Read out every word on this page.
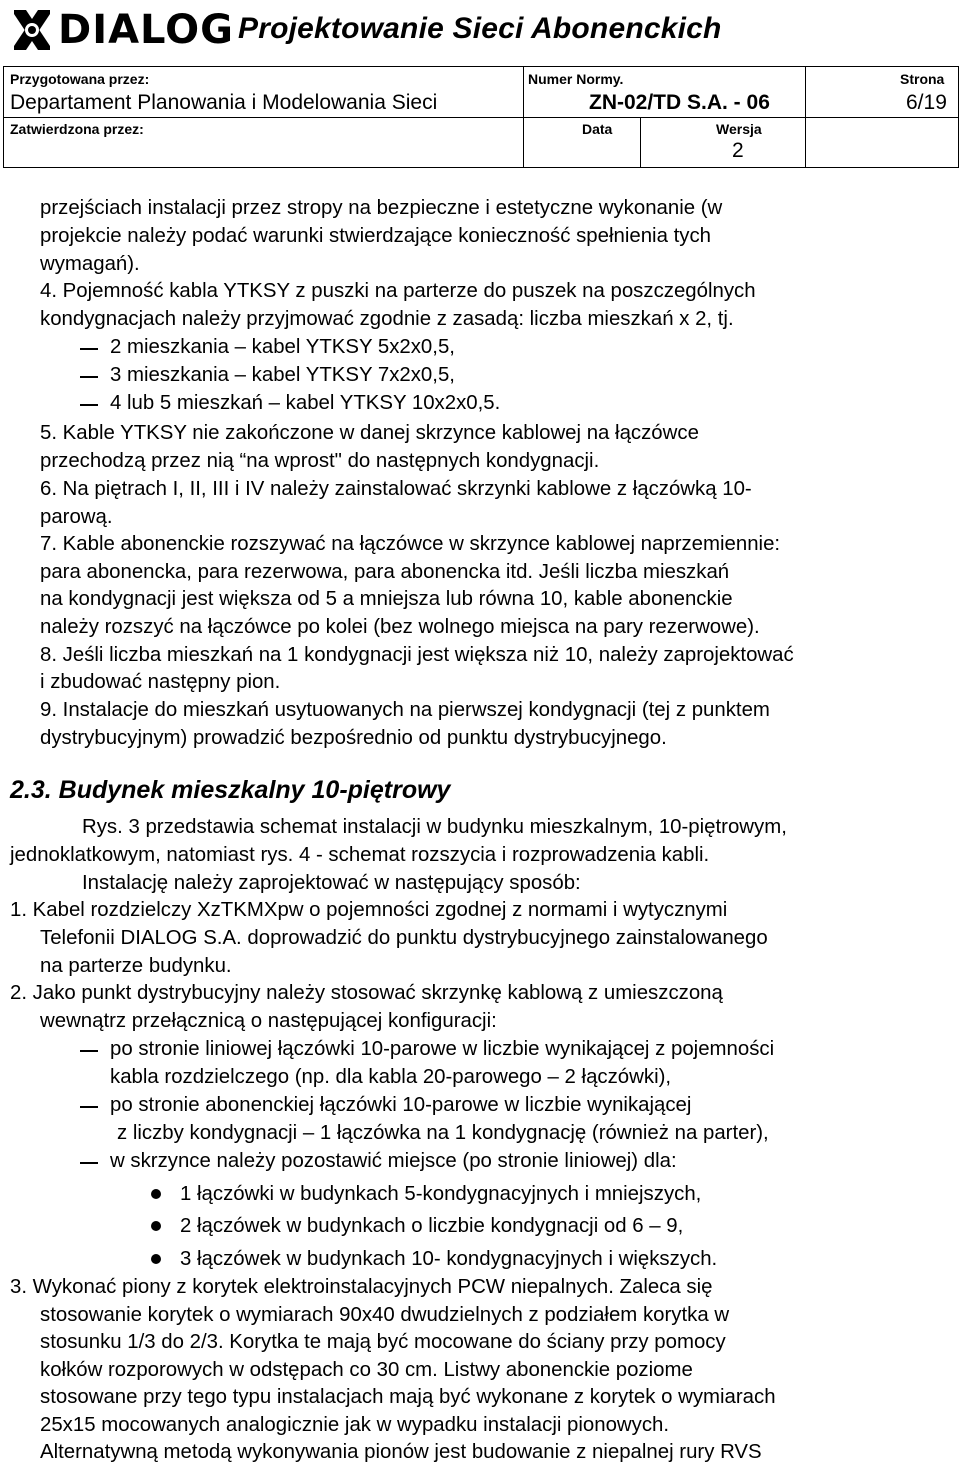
DIALOG Projektowanie Sieci Abonenckich
Przygotowana przez:
Departament Planowania i Modelowania Sieci
Numer Normy.
ZN-02/TD S.A. - 06
Strona
6/19
Zatwierdzona przez:	Data	Wersja
2
przejściach instalacji przez stropy na bezpieczne i estetyczne wykonanie (w
projekcie należy podać warunki stwierdzające konieczność spełnienia tych
wymagań).
4. Pojemność kabla YTKSY z puszki na parterze do puszek na poszczególnych
kondygnacjach należy przyjmować zgodnie z zasadą: liczba mieszkań x 2, tj.
2 mieszkania – kabel YTKSY 5x2x0,5,
3 mieszkania – kabel YTKSY 7x2x0,5,
4 lub 5 mieszkań – kabel YTKSY 10x2x0,5.
5. Kable YTKSY nie zakończone w danej skrzynce kablowej na łączówce
przechodzą przez nią “na wprost" do następnych kondygnacji.
6. Na piętrach I, II, III i IV należy zainstalować skrzynki kablowe z łączówką 10-
parową.
7. Kable abonenckie rozszywać na łączówce w skrzynce kablowej naprzemiennie:
para abonencka, para rezerwowa, para abonencka itd. Jeśli liczba mieszkań
na kondygnacji jest większa od 5 a mniejsza lub równa 10, kable abonenckie
należy rozszyć na łączówce po kolei (bez wolnego miejsca na pary rezerwowe).
8. Jeśli liczba mieszkań na 1 kondygnacji jest większa niż 10, należy zaprojektować
i zbudować następny pion.
9. Instalacje do mieszkań usytuowanych na pierwszej kondygnacji (tej z punktem
dystrybucyjnym) prowadzić bezpośrednio od punktu dystrybucyjnego.
2.3. Budynek mieszkalny 10-piętrowy
Rys. 3 przedstawia schemat instalacji w budynku mieszkalnym, 10-piętrowym,
jednoklatkowym, natomiast rys. 4 - schemat rozszycia i rozprowadzenia kabli.
Instalację należy zaprojektować w następujący sposób:
1. Kabel rozdzielczy XzTKMXpw o pojemności zgodnej z normami i wytycznymi
Telefonii DIALOG S.A. doprowadzić do punktu dystrybucyjnego zainstalowanego
na parterze budynku.
2. Jako punkt dystrybucyjny należy stosować skrzynkę kablową z umieszczoną
wewnątrz przełącznicą o następującej konfiguracji:
po stronie liniowej łączówki 10-parowe w liczbie wynikającej z pojemności
kabla rozdzielczego (np. dla kabla 20-parowego – 2 łączówki),
po stronie abonenckiej łączówki 10-parowe w liczbie wynikającej
z liczby kondygnacji – 1 łączówka na 1 kondygnację (również na parter),
w skrzynce należy pozostawić miejsce (po stronie liniowej) dla:
1 łączówki w budynkach 5-kondygnacyjnych i mniejszych,
2 łączówek w budynkach o liczbie kondygnacji od 6 – 9,
3 łączówek w budynkach 10- kondygnacyjnych i większych.
3. Wykonać piony z korytek elektroinstalacyjnych PCW niepalnych. Zaleca się
stosowanie korytek o wymiarach 90x40 dwudzielnych z podziałem korytka w
stosunku 1/3 do 2/3. Korytka te mają być mocowane do ściany przy pomocy
kołków rozporowych w odstępach co 30 cm. Listwy abonenckie poziome
stosowane przy tego typu instalacjach mają być wykonane z korytek o wymiarach
25x15 mocowanych analogicznie jak w wypadku instalacji pionowych.
Alternatywną metodą wykonywania pionów jest budowanie z niepalnej rury RVS
